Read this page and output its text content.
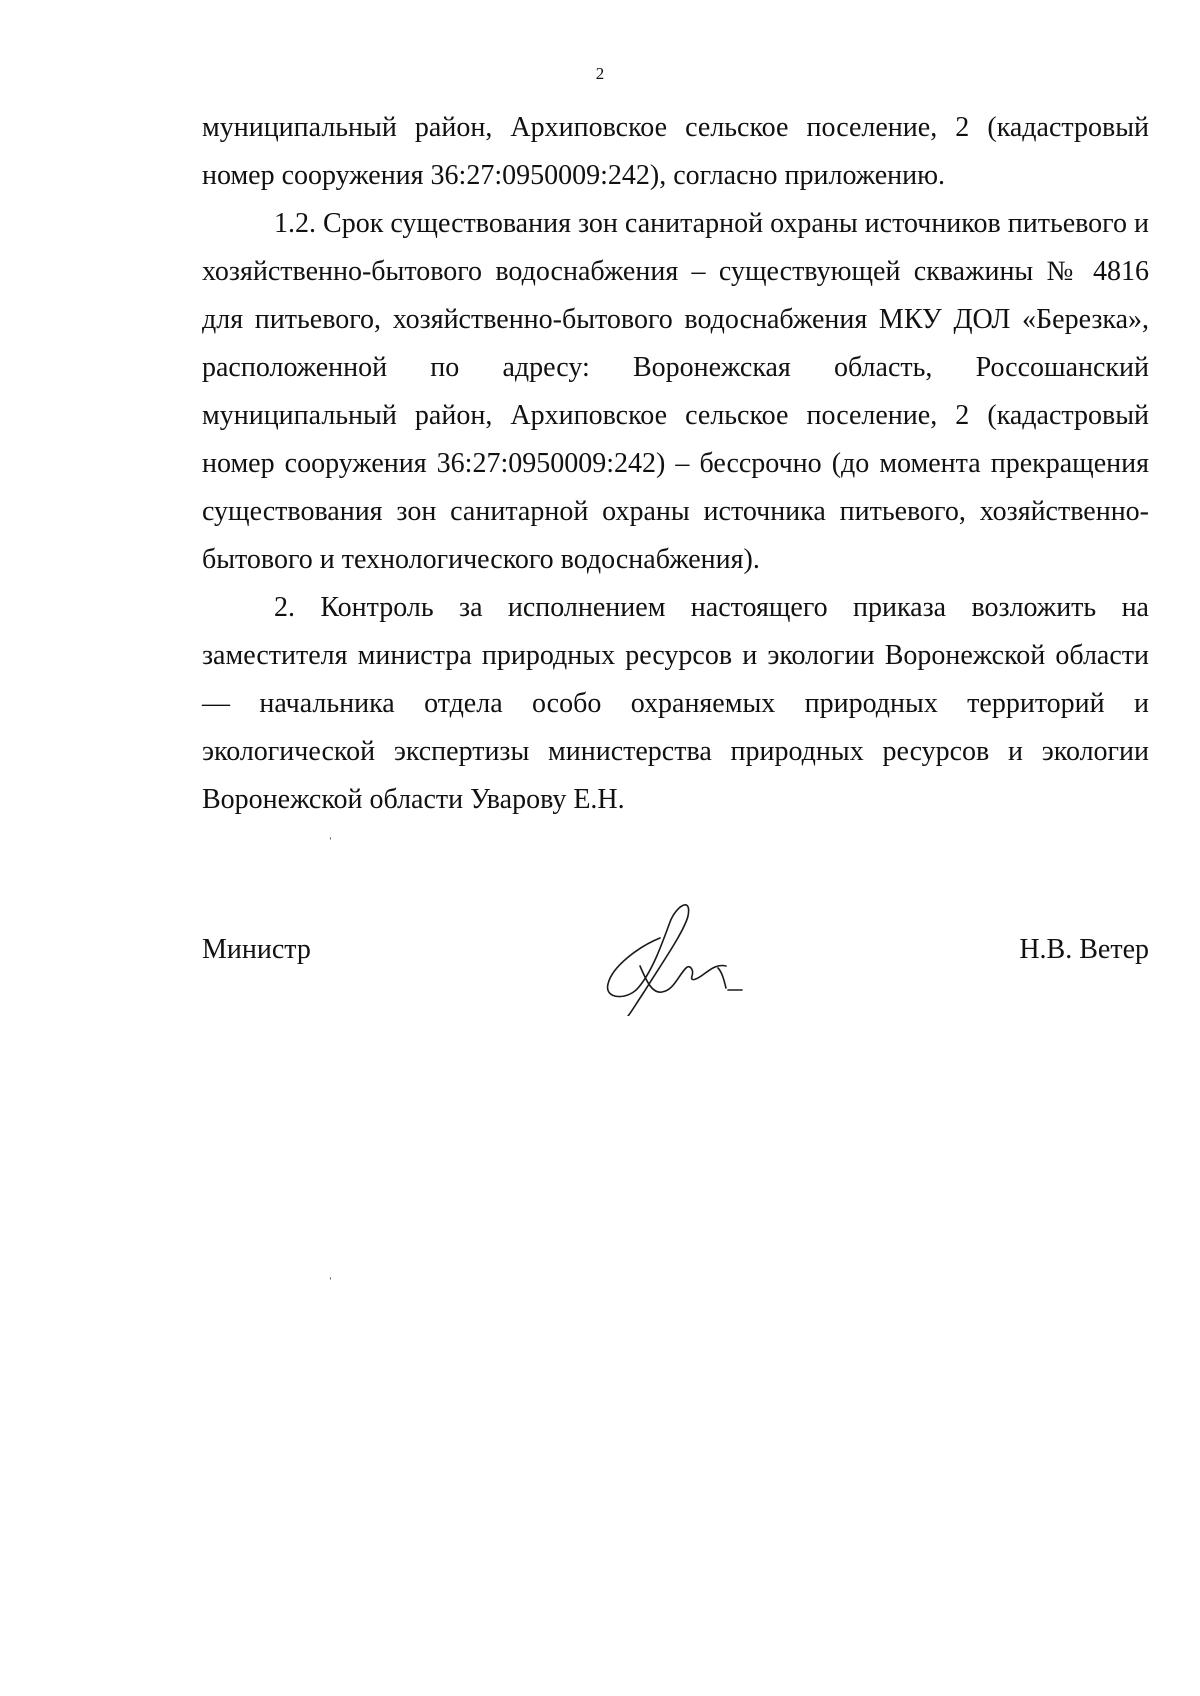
2

муниципальный район, Архиповское сельское поселение, 2 (кадастровый номер сооружения 36:27:0950009:242), согласно приложению.

1.2. Срок существования зон санитарной охраны источников питьевого и хозяйственно-бытового водоснабжения – существующей скважины № 4816 для питьевого, хозяйственно-бытового водоснабжения МКУ ДОЛ «Березка», расположенной по адресу: Воронежская область, Россошанский муниципальный район, Архиповское сельское поселение, 2 (кадастровый номер сооружения 36:27:0950009:242) – бессрочно (до момента прекращения существования зон санитарной охраны источника питьевого, хозяйственно-бытового и технологического водоснабжения).

2. Контроль за исполнением настоящего приказа возложить на заместителя министра природных ресурсов и экологии Воронежской области — начальника отдела особо охраняемых природных территорий и экологической экспертизы министерства природных ресурсов и экологии Воронежской области Уварову Е.Н.

ˈ
ˈ
Министр	Н.В. Ветер
